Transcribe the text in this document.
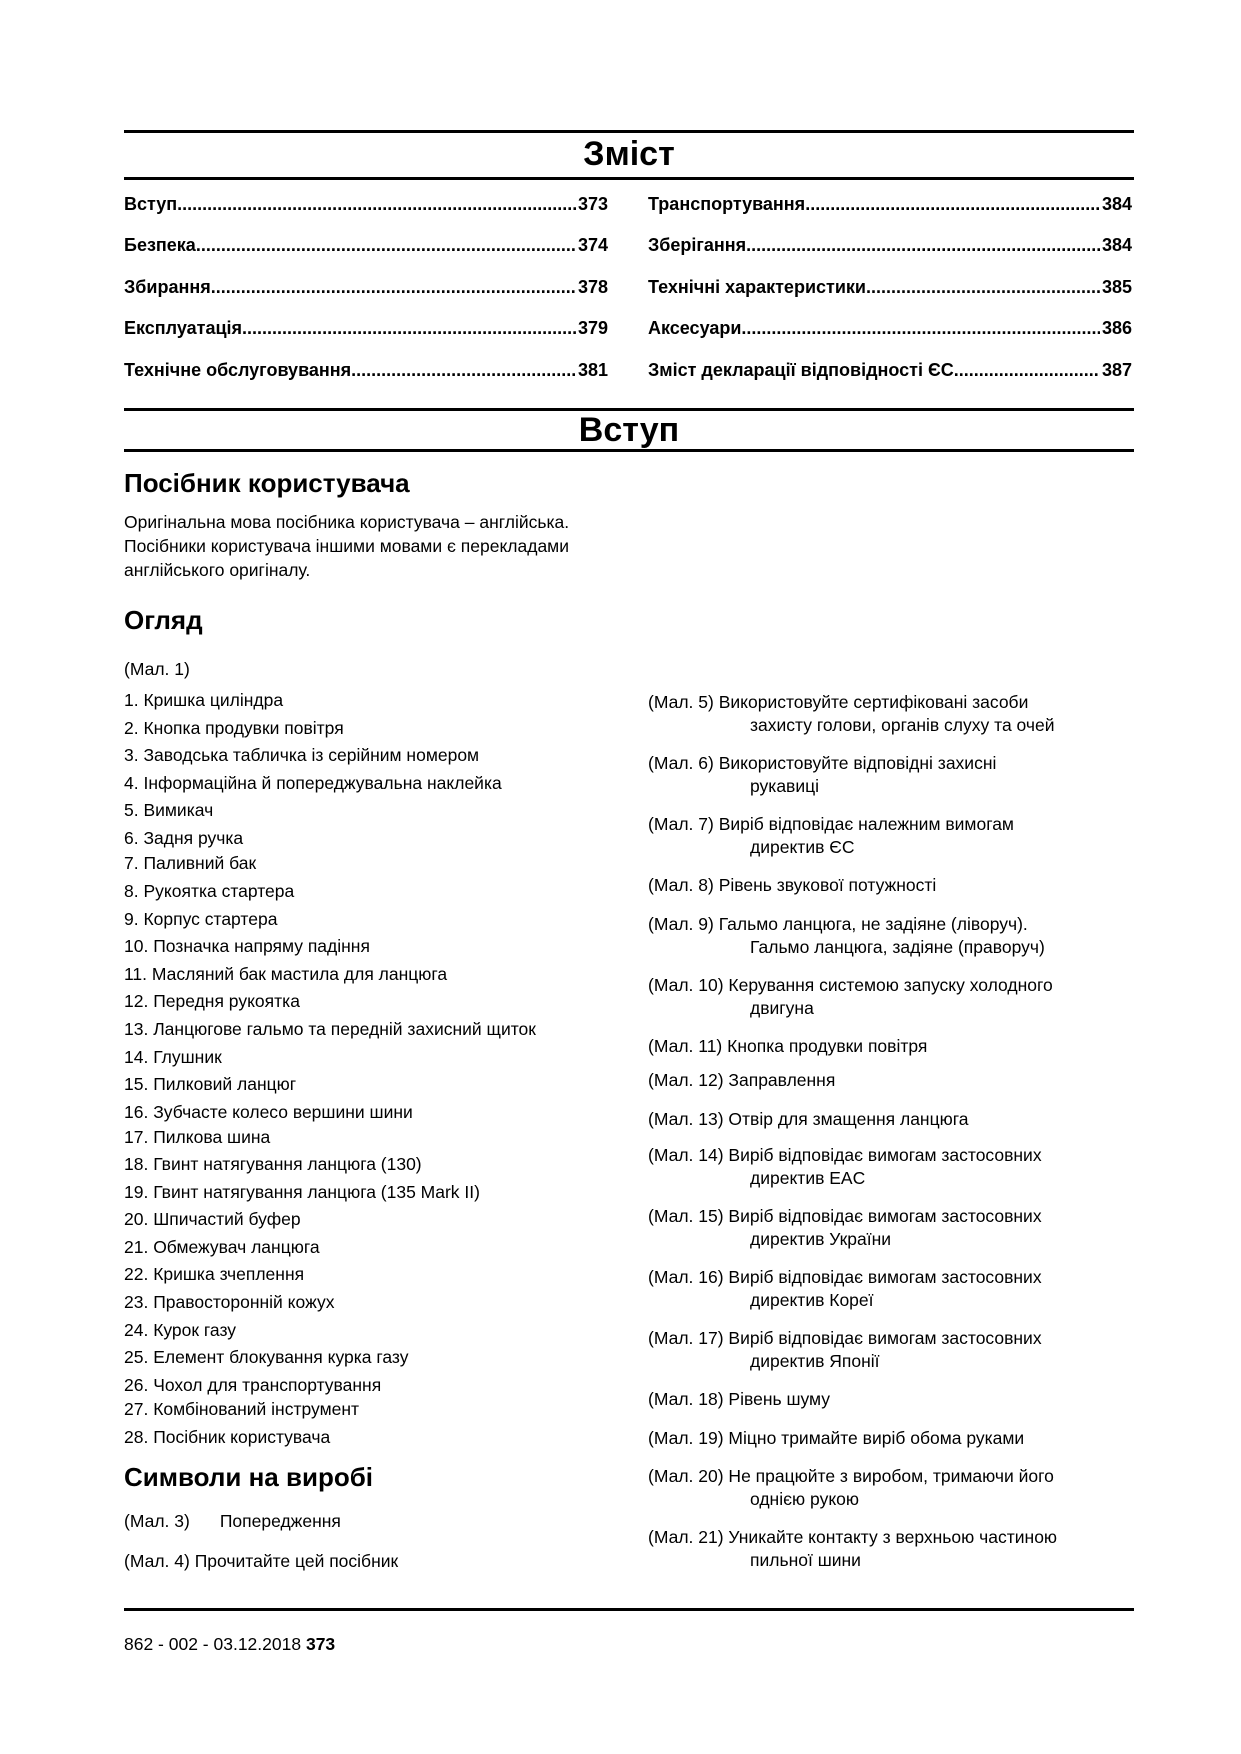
Зміст
Вступ .....	373
Безпека .....	374
Збирання .....	378
Експлуатація .....	379
Технічне обслуговування .....	381
Транспортування .....	384
Зберігання .....	384
Технічні характеристики .....	385
Аксесуари .....	386
Зміст декларації відповідності ЄС .....	387
Вступ
Посібник користувача
Оригінальна мова посібника користувача – англійська. Посібники користувача іншими мовами є перекладами англійського оригіналу.
Огляд
(Мал. 1)
1. Кришка циліндра
2. Кнопка продувки повітря
3. Заводська табличка із серійним номером
4. Інформаційна й попереджувальна наклейка
5. Вимикач
6. Задня ручка
7. Паливний бак
8. Рукоятка стартера
9. Корпус стартера
10. Позначка напряму падіння
11. Масляний бак мастила для ланцюга
12. Передня рукоятка
13. Ланцюгове гальмо та передній захисний щиток
14. Глушник
15. Пилковий ланцюг
16. Зубчасте колесо вершини шини
17. Пилкова шина
18. Гвинт натягування ланцюга (130)
19. Гвинт натягування ланцюга (135 Mark II)
20. Шпичастий буфер
21. Обмежувач ланцюга
22. Кришка зчеплення
23. Правосторонній кожух
24. Курок газу
25. Елемент блокування курка газу
26. Чохол для транспортування
27. Комбінований інструмент
28. Посібник користувача
Символи на виробі
(Мал. 3) Попередження
(Мал. 4) Прочитайте цей посібник
(Мал. 5) Використовуйте сертифіковані засоби
захисту голови, органів слуху та очей
(Мал. 6) Використовуйте відповідні захисні
рукавиці
(Мал. 7) Виріб відповідає належним вимогам
директив ЄС
(Мал. 8) Рівень звукової потужності
(Мал. 9) Гальмо ланцюга, не задіяне (ліворуч).
Гальмо ланцюга, задіяне (праворуч)
(Мал. 10) Керування системою запуску холодного
двигуна
(Мал. 11) Кнопка продувки повітря
(Мал. 12) Заправлення
(Мал. 13) Отвір для змащення ланцюга
(Мал. 14) Виріб відповідає вимогам застосовних
директив EAC
(Мал. 15) Виріб відповідає вимогам застосовних
директив України
(Мал. 16) Виріб відповідає вимогам застосовних
директив Кореї
(Мал. 17) Виріб відповідає вимогам застосовних
директив Японії
(Мал. 18) Рівень шуму
(Мал. 19) Міцно тримайте виріб обома руками
(Мал. 20) Не працюйте з виробом, тримаючи його
однією рукою
(Мал. 21) Уникайте контакту з верхньою частиною
пильної шини
862 - 002 - 03.12.2018 373
